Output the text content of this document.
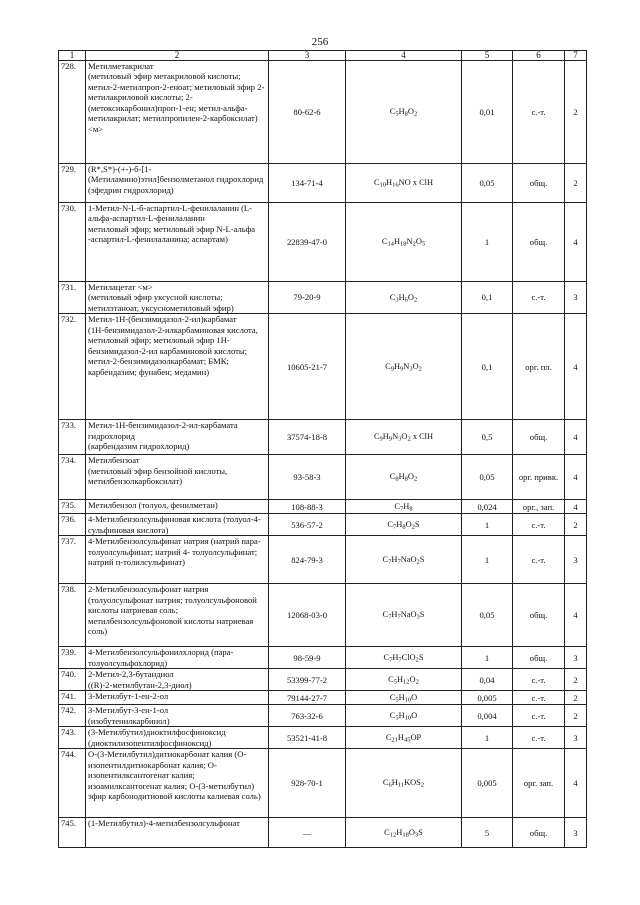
256
1	2	3	4	5	6	7
728.	Метилметакрилат
(метиловый эфир метакриловой кислоты; метил-2-метилпроп-2-еноат; метиловый эфир 2-метилакриловой кислоты; 2- (метоксикарбонил)проп-1-ен; метил-альфа- метилакрилат; метилпропилен-2-карбоксилат)
<м>	80-62-6	$C_5H_8O_2$	0,01	с.-т.	2
729.	(R*,S*)-(+-)-б-[1-(Метиламино)этил]бензолметанол гидрохлорид
(эфедрин гидрохлорид)	134-71-4	$C_{10}H_{16}NO$ x ClH	0,05	общ.	2
730.	1-Метил-N-L-б-аспартил-L-фенилаланин (L-альфа-аспартил-L-фенилаланин
метиловый эфир; метиловый эфир N-L-альфа
-аспартил-L-фенилаланина; аспартам)	22839-47-0	$C_{14}H_{18}N_2O_5$	1	общ.	4
731.	Метилацетат <м>
(метиловый эфир уксусной кислоты; метилэтаноат, уксуснометиловый эфир)	79-20-9	$C_3H_6O_2$	0,1	с.-т.	3
732.	Метил-1Н-(бензимидазол-2-ил)карбамат
(1Н-бензимидазол-2-илкарбаминовая кислота, метиловый эфир; метиловый эфир 1Н- бензимидазол-2-ил карбаминовой кислоты; метил-2-бензимидазолкарбамат; БМК; карбендазим; фунабен; медамин)	10605-21-7	$C_9H_9N_3O_2$	0,1	орг. пл.	4
733.	Метил-1Н-бензимидазол-2-ил-карбамата гидрохлорид
(карбендазим гидрохлорид)	37574-18-8	$C_9H_9N_3O_2$ x ClH	0,5	общ.	4
734.	Метилбензоат
(метиловый эфир бензойной кислоты, метилбензолкарбоксилат)	93-58-3	$C_8H_8O_2$	0,05	орг. привк.	4
735.	Метилбензол (толуол, фенилметан)	108-88-3	$C_7H_8$	0,024	орг., зап.	4
736.	4-Метилбензолсульфиновая кислота (толуол-4-сульфиновая кислота)	536-57-2	$C_7H_8O_2S$	1	с.-т.	2
737.	4-Метилбензолсульфинат натрия (натрий пара-толуолсульфинат; натрий 4- толуолсульфинат; натрий п-толилсульфинат)	824-79-3	$C_7H_7NaO_2S$	1	с.-т.	3
738.	2-Метилбензолсульфонат натрия (толуолсульфонат натрия; толуолсульфоновой кислоты натриевая соль; метилбензолсульфоновой кислоты натриевая соль)	12068-03-0	$C_7H_7NaO_3S$	0,05	общ.	4
739.	4-Метилбензолсульфонилхлорид (пара-толуолсульфохлорид)	98-59-9	$C_7H_7ClO_2S$	1	общ.	3
740.	2-Метил-2,3-бутандиол
((R)-2-метилбутан-2,3-диол)	53399-77-2	$C_5H_{12}O_2$	0,04	с.-т.	2
741.	3-Метилбут-1-ен-2-ол	79144-27-7	$C_5H_{10}O$	0,005	с.-т.	2
742.	3-Метилбут-3-ен-1-ол
(изобутенилкарбинол)	763-32-6	$C_5H_{10}O$	0,004	с.-т.	2
743.	(3-Метилбутил)диоктилфосфиноксид (диоктилизопентилфосфиноксид)	53521-41-8	$C_{21}H_{45}OP$	1	с.-т.	3
744.	О-(3-Метилбутил)дитиокарбонат калия (О-изопентилдитиокарбонат калия; О-изопентилксантогенат калия; изоамилксантогенат калия; О-(3-метилбутил) эфир карбонодитиовой кислоты калиевая соль)	928-70-1	$C_6H_{11}KOS_2$	0,005	орг. зап.	4
745.	(1-Метилбутил)-4-метилбензолсульфонат	—	$C_{12}H_{18}O_3S$	5	общ.	3
